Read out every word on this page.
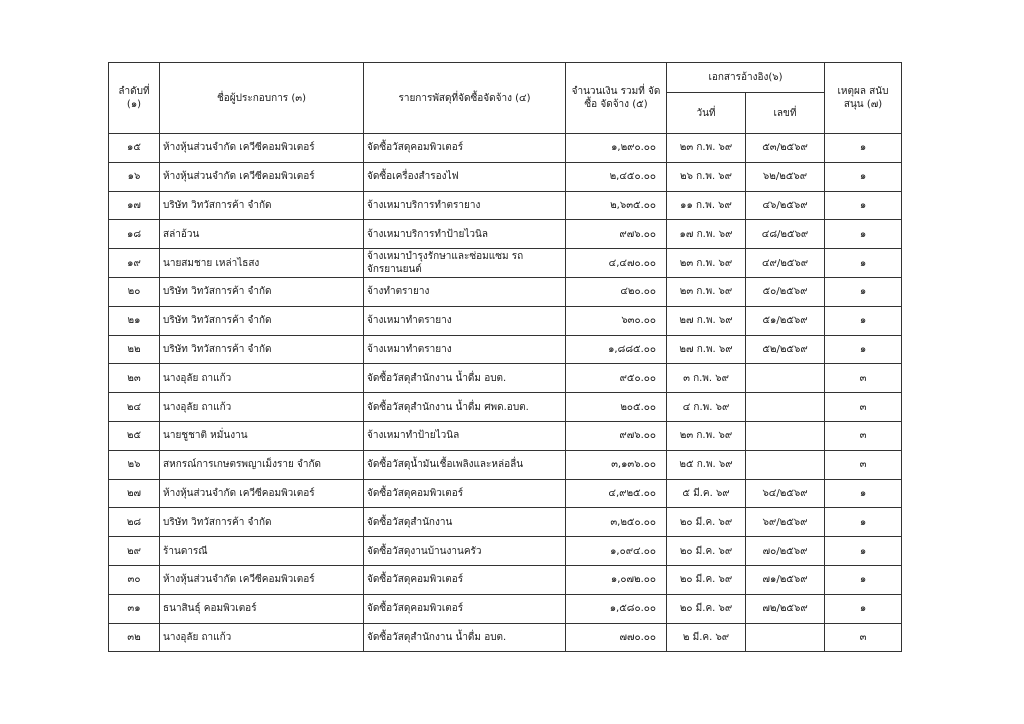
ลำดับที่ (๑)	ชื่อผู้ประกอบการ (๓)	รายการพัสดุที่จัดซื้อจัดจ้าง (๔)	จำนวนเงิน รวมที่ จัดซื้อ จัดจ้าง (๕)	เอกสารอ้างอิง(๖)		เหตุผล สนับ สนุน (๗)
				วันที่	เลขที่	
๑๕	ห้างหุ้นส่วนจำกัด เควีซีคอมพิวเตอร์	จัดซื้อวัสดุคอมพิวเตอร์	๑,๒๙๐.๐๐	๒๓ ก.พ. ๖๙	๕๓/๒๕๖๙	๑
๑๖	ห้างหุ้นส่วนจำกัด เควีซีคอมพิวเตอร์	จัดซื้อเครื่องสำรองไฟ	๒,๔๕๐.๐๐	๒๖ ก.พ. ๖๙	๖๒/๒๕๖๙	๑
๑๗	บริษัท วิทวัสการค้า จำกัด	จ้างเหมาบริการทำตรายาง	๒,๖๓๕.๐๐	๑๑ ก.พ. ๖๙	๔๖/๒๕๖๙	๑
๑๘	สล่าอ้วน	จ้างเหมาบริการทำป้ายไวนิล	๙๗๖.๐๐	๑๗ ก.พ. ๖๙	๔๘/๒๕๖๙	๑
๑๙	นายสมชาย เหล่าไธสง	จ้างเหมาบำรุงรักษาและซ่อมแซม รถจักรยานยนต์	๔,๔๗๐.๐๐	๒๓ ก.พ. ๖๙	๔๙/๒๕๖๙	๑
๒๐	บริษัท วิทวัสการค้า จำกัด	จ้างทำตรายาง	๔๒๐.๐๐	๒๓ ก.พ. ๖๙	๕๐/๒๕๖๙	๑
๒๑	บริษัท วิทวัสการค้า จำกัด	จ้างเหมาทำตรายาง	๖๓๐.๐๐	๒๗ ก.พ. ๖๙	๕๑/๒๕๖๙	๑
๒๒	บริษัท วิทวัสการค้า จำกัด	จ้างเหมาทำตรายาง	๑,๘๘๕.๐๐	๒๗ ก.พ. ๖๙	๕๒/๒๕๖๙	๑
๒๓	นางอุลัย ถาแก้ว	จัดซื้อวัสดุสำนักงาน น้ำดื่ม อบต.	๙๕๐.๐๐	๓ ก.พ. ๖๙		๓
๒๔	นางอุลัย ถาแก้ว	จัดซื้อวัสดุสำนักงาน น้ำดื่ม ศพด.อบต.	๒๐๕.๐๐	๔ ก.พ. ๖๙		๓
๒๕	นายชูชาติ หมั่นงาน	จ้างเหมาทำป้ายไวนิล	๙๗๖.๐๐	๒๓ ก.พ. ๖๙		๓
๒๖	สหกรณ์การเกษตรพญาเม็งราย จำกัด	จัดซื้อวัสดุน้ำมันเชื้อเพลิงและหล่อลื่น	๓,๑๓๖.๐๐	๒๕ ก.พ. ๖๙		๓
๒๗	ห้างหุ้นส่วนจำกัด เควีซีคอมพิวเตอร์	จัดซื้อวัสดุคอมพิวเตอร์	๔,๙๒๕.๐๐	๕ มี.ค. ๖๙	๖๔/๒๕๖๙	๑
๒๘	บริษัท วิทวัสการค้า จำกัด	จัดซื้อวัสดุสำนักงาน	๓,๒๕๐.๐๐	๒๐ มี.ค. ๖๙	๖๙/๒๕๖๙	๑
๒๙	ร้านดารณี	จัดซื้อวัสดุงานบ้านงานครัว	๑,๐๙๔.๐๐	๒๐ มี.ค. ๖๙	๗๐/๒๕๖๙	๑
๓๐	ห้างหุ้นส่วนจำกัด เควีซีคอมพิวเตอร์	จัดซื้อวัสดุคอมพิวเตอร์	๑,๐๗๒.๐๐	๒๐ มี.ค. ๖๙	๗๑/๒๕๖๙	๑
๓๑	ธนาสินธุ์ คอมพิวเตอร์	จัดซื้อวัสดุคอมพิวเตอร์	๑,๕๘๐.๐๐	๒๐ มี.ค. ๖๙	๗๒/๒๕๖๙	๑
๓๒	นางอุลัย ถาแก้ว	จัดซื้อวัสดุสำนักงาน น้ำดื่ม อบต.	๗๗๐.๐๐	๒ มี.ค. ๖๙		๓
